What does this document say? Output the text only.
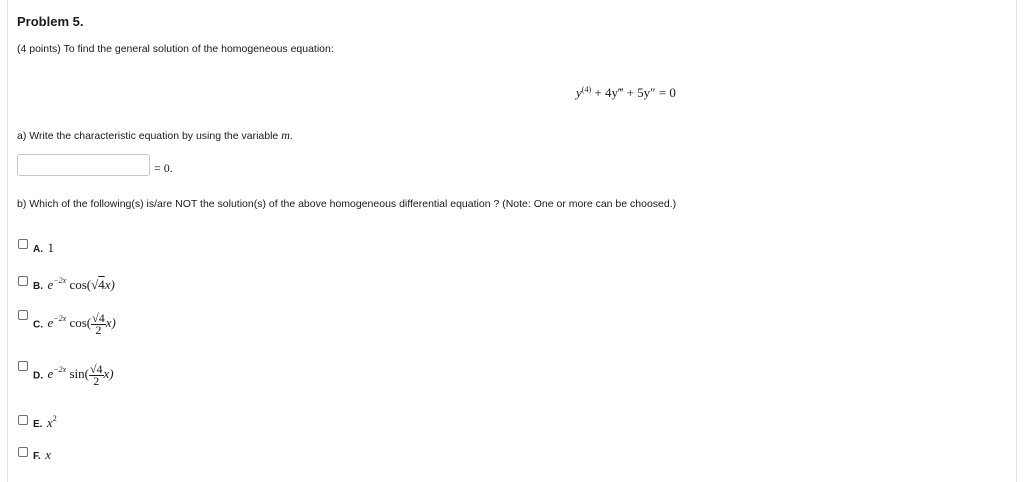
Problem 5.
(4 points) To find the general solution of the homogeneous equation:
$y^{(4)}$ + 4y‴ + 5y″ = 0
a) Write the characteristic equation by using the variable m.
= 0.
b) Which of the following(s) is/are NOT the solution(s) of the above homogeneous differential equation ? (Note: One or more can be choosed.)
A. 1
B. $e^{-2x}$ cos(√4x)
C. $e^{-2x}$ $\cos( \frac{√4}{2} x)$
D. $e^{-2x}$ $\sin( \frac{√4}{2} x)$
E. $x^2$
F. x
